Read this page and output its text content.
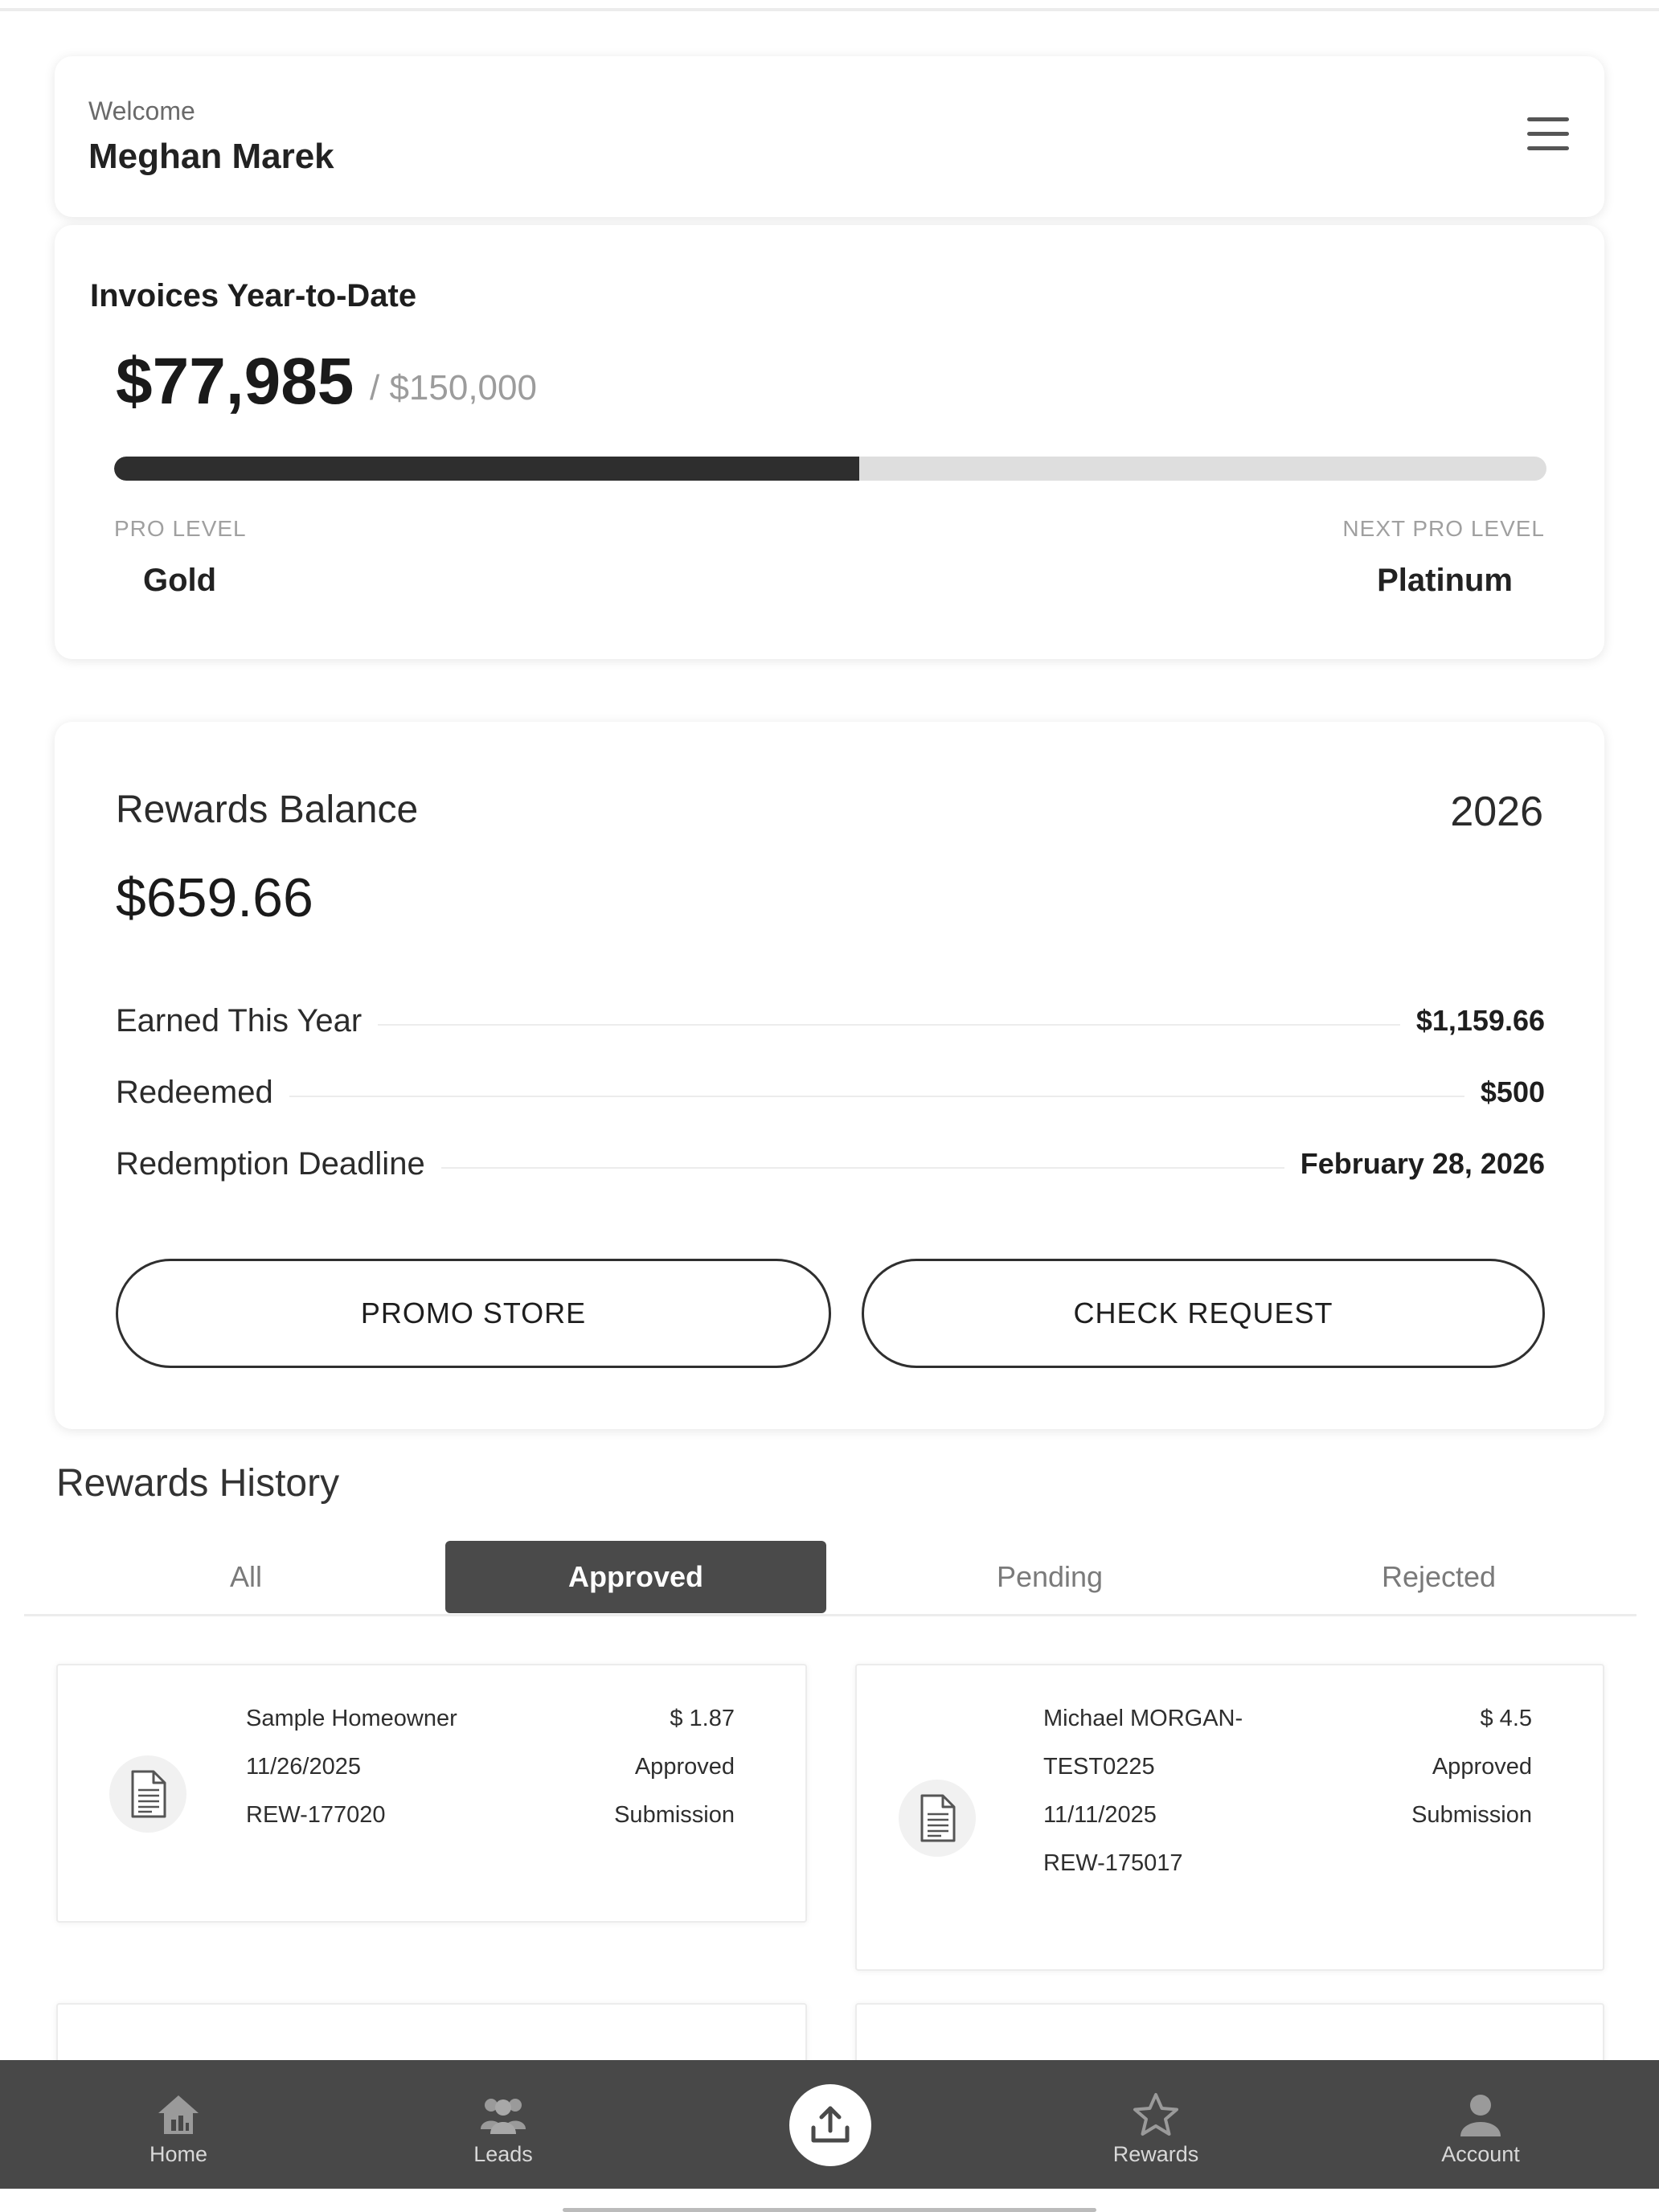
Welcome
Meghan Marek
Invoices Year-to-Date
$77,985 / $150,000
PRO LEVEL
Gold
NEXT PRO LEVEL
Platinum
Rewards Balance	2026
$659.66
Earned This Year	$1,159.66
Redeemed	$500
Redemption Deadline	February 28, 2026
PROMO STORE	CHECK REQUEST
Rewards History
All	Approved	Pending	Rejected
Sample Homeowner
11/26/2025
REW-177020
$ 1.87
Approved
Submission
Michael MORGAN-
TEST0225
11/11/2025
REW-175017
$ 4.5
Approved
Submission
Home	Leads	Rewards	Account
